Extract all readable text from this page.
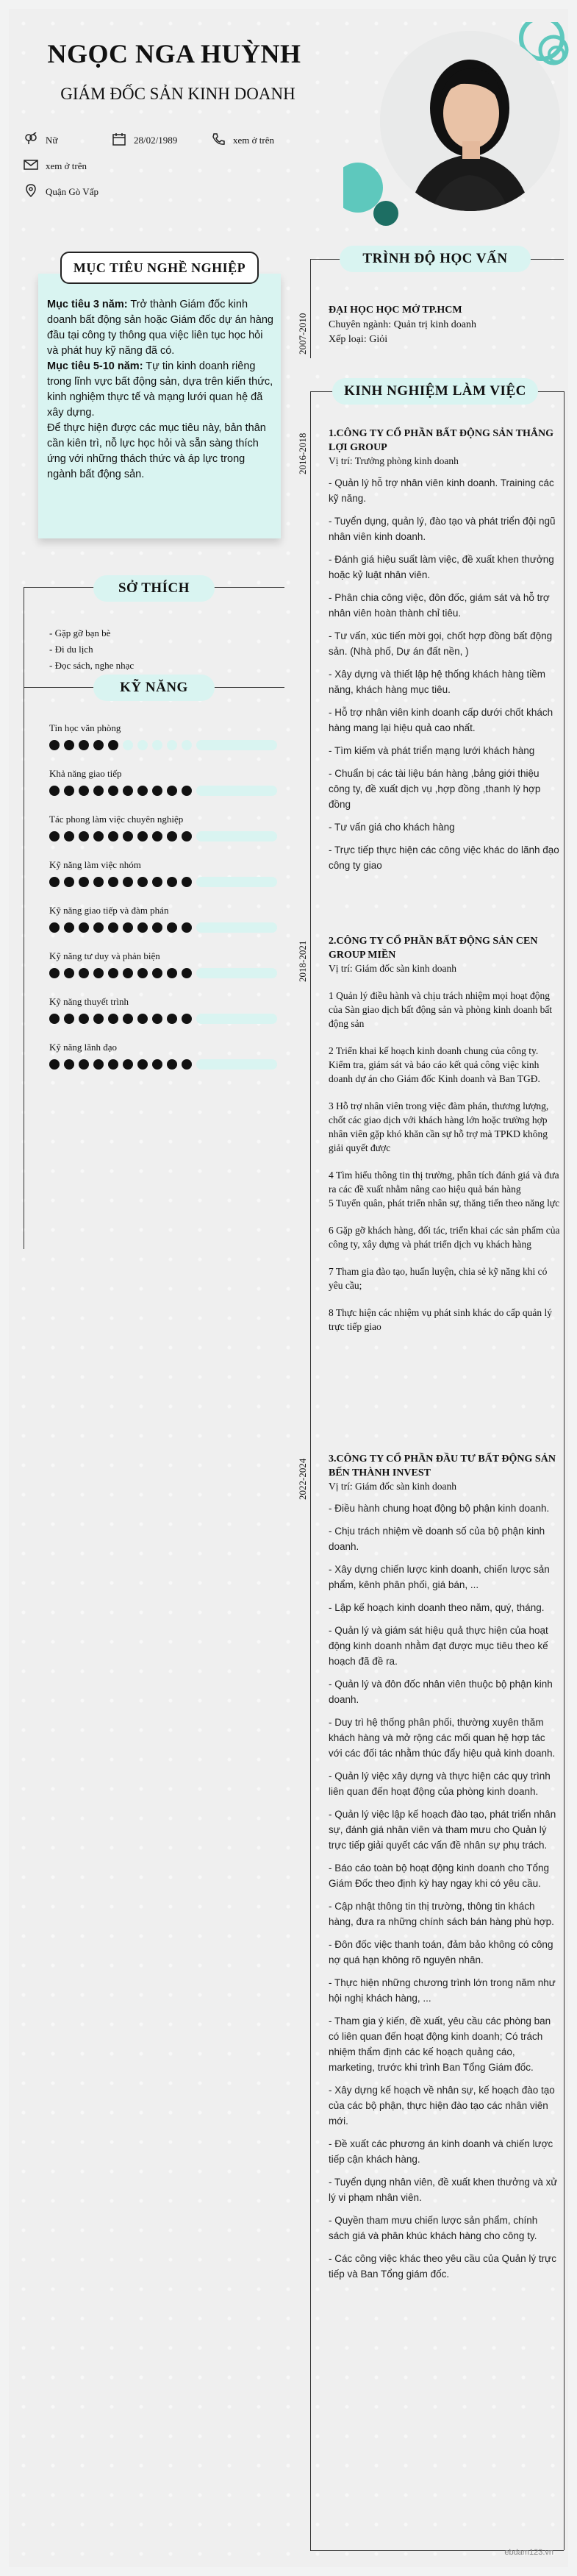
NGỌC NGA HUỲNH
GIÁM ĐỐC SẢN KINH DOANH
Nữ	28/02/1989	xem ở trên
xem ở trên
Quận Gò Vấp
MỤC TIÊU NGHỀ NGHIỆP
Mục tiêu 3 năm: Trở thành Giám đốc kinh doanh bất động sản hoặc Giám đốc dự án hàng đầu tại công ty thông qua việc liên tục học hỏi và phát huy kỹ năng đã có.
Mục tiêu 5-10 năm: Tự tin kinh doanh riêng trong lĩnh vực bất động sản, dựa trên kiến thức, kinh nghiệm thực tế và mạng lưới quan hệ đã xây dựng.
Để thực hiện được các mục tiêu này, bản thân cần kiên trì, nỗ lực học hỏi và sẵn sàng thích ứng với những thách thức và áp lực trong ngành bất động sản.
SỞ THÍCH
- Gặp gỡ bạn bè
- Đi du lịch
- Đọc sách, nghe nhạc
KỸ NĂNG
Tin học văn phòng
Khả năng giao tiếp
Tác phong làm việc chuyên nghiệp
Kỹ năng làm việc nhóm
Kỹ năng giao tiếp và đàm phán
Kỹ năng tư duy và phản biện
Kỹ năng thuyết trình
Kỹ năng lãnh đạo
TRÌNH ĐỘ HỌC VẤN
2007-2010
ĐẠI HỌC HỌC MỞ TP.HCM
Chuyên ngành: Quản trị kinh doanh
Xếp loại: Giỏi
KINH NGHIỆM LÀM VIỆC
2016-2018 1.CÔNG TY CỔ PHẦN BẤT ĐỘNG SẢN THẮNG LỢI GROUP
Vị trí: Trưởng phòng kinh doanh
- Quản lý hỗ trợ nhân viên kinh doanh. Training các kỹ năng.
- Tuyển dụng, quản lý, đào tạo và phát triển đội ngũ nhân viên kinh doanh.
- Đánh giá hiệu suất làm việc, đề xuất khen thưởng hoặc kỷ luật nhân viên.
- Phân chia công việc, đôn đốc, giám sát và hỗ trợ nhân viên hoàn thành chỉ tiêu.
- Tư vấn, xúc tiến mời gọi, chốt hợp đồng bất động sản. (Nhà phố, Dự án đất nền, )
- Xây dựng và thiết lập hệ thống khách hàng tiềm năng, khách hàng mục tiêu.
- Hỗ trợ nhân viên kinh doanh cấp dưới chốt khách hàng mang lại hiệu quả cao nhất.
- Tìm kiếm và phát triển mạng lưới khách hàng
- Chuẩn bị các tài liệu bán hàng ,bảng giới thiệu công ty, đề xuất dịch vụ ,hợp đồng ,thanh lý hợp đồng
- Tư vấn giá cho khách hàng
- Trực tiếp thực hiện các công việc khác do lãnh đạo công ty giao
2018-2021 2.CÔNG TY CỔ PHẦN BẤT ĐỘNG SẢN CEN GROUP MIỀN
Vị trí: Giám đốc sàn kinh doanh
1 Quản lý điều hành và chịu trách nhiệm mọi hoạt động của Sàn giao dịch bất động sản và phòng kinh doanh bất động sản
2 Triển khai kế hoạch kinh doanh chung của công ty. Kiểm tra, giám sát và báo cáo kết quả công việc kinh doanh dự án cho Giám đốc Kinh doanh và Ban TGĐ.
3 Hỗ trợ nhân viên trong việc đàm phán, thương lượng, chốt các giao dịch với khách hàng lớn hoặc trường hợp nhân viên gặp khó khăn cần sự hỗ trợ mà TPKD không giải quyết được
4 Tìm hiểu thông tin thị trường, phân tích đánh giá và đưa ra các đề xuất nhằm nâng cao hiệu quả bán hàng
5 Tuyển quân, phát triển nhân sự, thăng tiến theo năng lực
6 Gặp gỡ khách hàng, đối tác, triển khai các sản phẩm của công ty, xây dựng và phát triển dịch vụ khách hàng
7 Tham gia đào tạo, huấn luyện, chia sẻ kỹ năng khi có yêu cầu;
8 Thực hiện các nhiệm vụ phát sinh khác do cấp quản lý trực tiếp giao
2022-2024 3.CÔNG TY CỔ PHẦN ĐẦU TƯ BẤT ĐỘNG SẢN BẾN THÀNH INVEST
Vị trí: Giám đốc sàn kinh doanh
- Điều hành chung hoạt động bộ phận kinh doanh.
- Chịu trách nhiệm về doanh số của bộ phận kinh doanh.
- Xây dựng chiến lược kinh doanh, chiến lược sản phẩm, kênh phân phối, giá bán, ...
- Lập kế hoạch kinh doanh theo năm, quý, tháng.
- Quản lý và giám sát hiệu quả thực hiện của hoạt động kinh doanh nhằm đạt được mục tiêu theo kế hoạch đã đề ra.
- Quản lý và đôn đốc nhân viên thuộc bộ phận kinh doanh.
- Duy trì hệ thống phân phối, thường xuyên thăm khách hàng và mở rộng các mối quan hệ hợp tác với các đối tác nhằm thúc đẩy hiệu quả kinh doanh.
- Quản lý việc xây dựng và thực hiện các quy trình liên quan đến hoạt động của phòng kinh doanh.
- Quản lý việc lập kế hoạch đào tạo, phát triển nhân sự, đánh giá nhân viên và tham mưu cho Quản lý trực tiếp giải quyết các vấn đề nhân sự phụ trách.
- Báo cáo toàn bộ hoạt động kinh doanh cho Tổng Giám Đốc theo định kỳ hay ngay khi có yêu cầu.
- Cập nhật thông tin thị trường, thông tin khách hàng, đưa ra những chính sách bán hàng phù hợp.
- Đôn đốc việc thanh toán, đảm bảo không có công nợ quá hạn không rõ nguyên nhân.
- Thực hiện những chương trình lớn trong năm như hội nghị khách hàng, ...
- Tham gia ý kiến, đề xuất, yêu cầu các phòng ban có liên quan đến hoạt động kinh doanh; Có trách nhiệm thẩm định các kế hoạch quảng cáo, marketing, trước khi trình Ban Tổng Giám đốc.
- Xây dựng kế hoạch về nhân sự, kế hoạch đào tạo của các bộ phận, thực hiện đào tạo các nhân viên mới.
- Đề xuất các phương án kinh doanh và chiến lược tiếp cận khách hàng.
- Tuyển dụng nhân viên, đề xuất khen thưởng và xử lý vi phạm nhân viên.
- Quyền tham mưu chiến lược sản phẩm, chính sách giá và phân khúc khách hàng cho công ty.
- Các công việc khác theo yêu cầu của Quản lý trực tiếp và Ban Tổng giám đốc.
ebdam123.vn
